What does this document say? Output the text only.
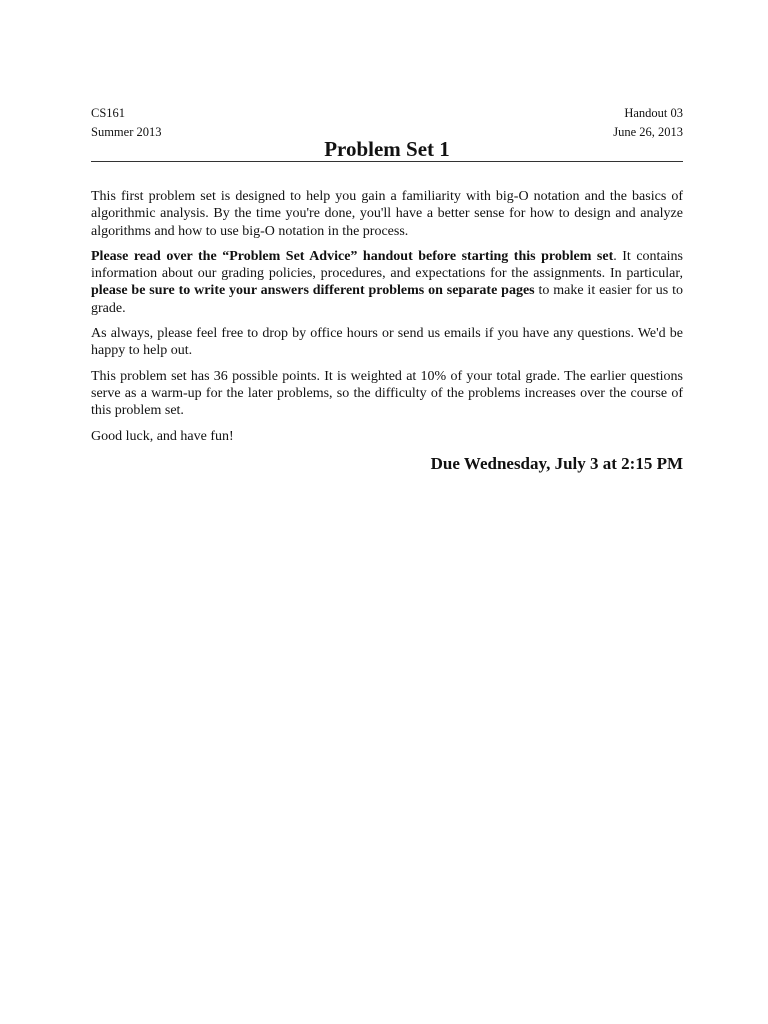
CS161	Handout 03
Summer 2013	June 26, 2013
Problem Set 1

This first problem set is designed to help you gain a familiarity with big-O notation and the basics of algorithmic analysis. By the time you're done, you'll have a better sense for how to design and analyze algorithms and how to use big-O notation in the process.

Please read over the “Problem Set Advice” handout before starting this problem set. It contains information about our grading policies, procedures, and expectations for the assignments. In particular, please be sure to write your answers different problems on separate pages to make it easier for us to grade.

As always, please feel free to drop by office hours or send us emails if you have any questions. We'd be happy to help out.

This problem set has 36 possible points. It is weighted at 10% of your total grade. The earlier questions serve as a warm-up for the later problems, so the difficulty of the problems increases over the course of this problem set.

Good luck, and have fun!

Due Wednesday, July 3 at 2:15 PM
